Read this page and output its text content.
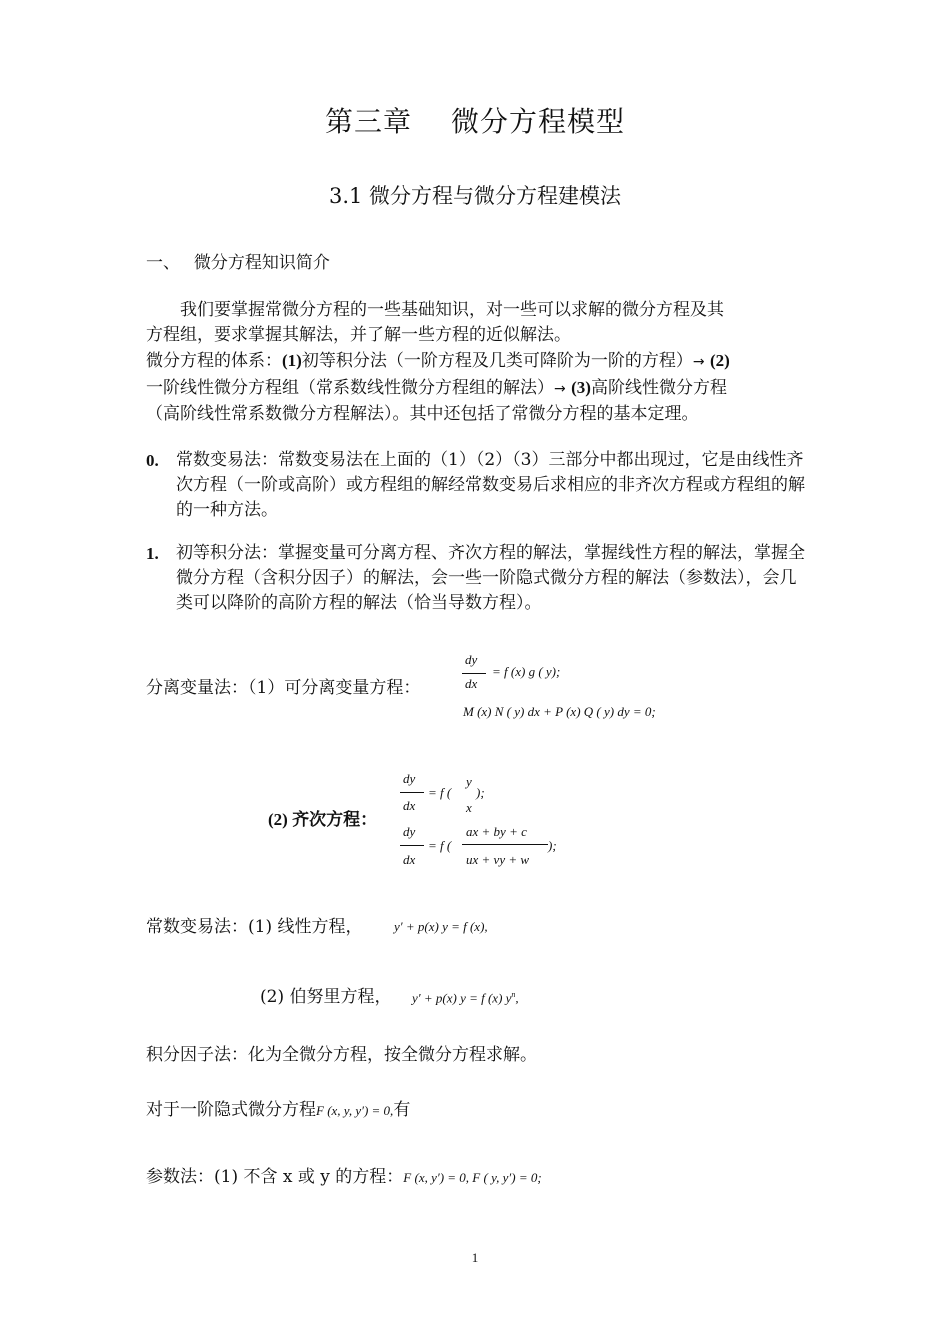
第三章　 微分方程模型
3.1 微分方程与微分方程建模法
一、　 微分方程知识简介

我们要掌握常微分方程的一些基础知识，对一些可以求解的微分方程及其

方程组，要求掌握其解法，并了解一些方程的近似解法。

微分方程的体系：(1)初等积分法（一阶方程及几类可降阶为一阶的方程）→ (2)

一阶线性微分方程组（常系数线性微分方程组的解法）→ (3)高阶线性微分方程

（高阶线性常系数微分方程解法）。其中还包括了常微分方程的基本定理。

0. 常数变易法：常数变易法在上面的（1）（2）（3）三部分中都出现过，它是由线性齐次方程（一阶或高阶）或方程组的解经常数变易后求相应的非齐次方程或方程组的解的一种方法。
1. 初等积分法：掌握变量可分离方程、齐次方程的解法，掌握线性方程的解法，掌握全微分方程（含积分因子）的解法，会一些一阶隐式微分方程的解法（参数法），会几类可以降阶的高阶方程的解法（恰当导数方程）。
分离变量法：（1）可分离变量方程：
dy
dx
= f (x) g ( y);
M (x) N ( y) dx + P (x) Q ( y) dy = 0;
(2) 齐次方程：
dy
dx
= f (
y
);
x
dy
dx
= f (
ax + by + c
);
ux + vy + w
常数变易法：(1) 线性方程， y′ + p(x) y = f (x),
(2) 伯努里方程， y′ + p(x) y = f (x) $y^n$,
积分因子法：化为全微分方程，按全微分方程求解。
对于一阶隐式微分方程F (x, y, y′) = 0,有
参数法：(1) 不含 x 或 y 的方程：F (x, y′) = 0, F ( y, y′) = 0;
1
